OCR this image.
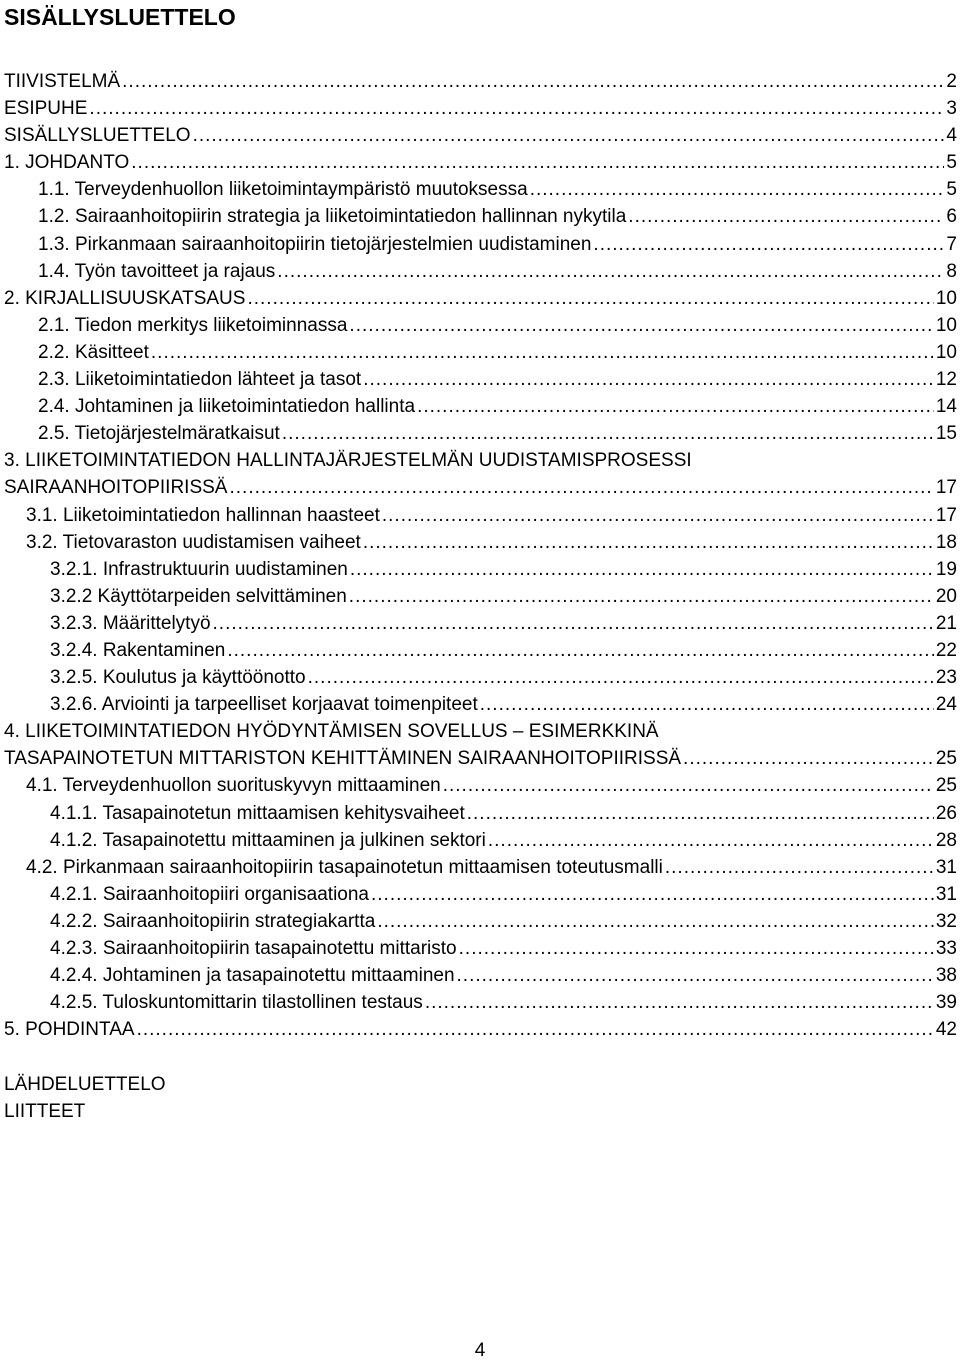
SISÄLLYSLUETTELO
TIIVISTELMÄ .....	2
ESIPUHE .....	3
SISÄLLYSLUETTELO .....	4
1. JOHDANTO .....	5
1.1. Terveydenhuollon liiketoimintaympäristö muutoksessa .....	5
1.2. Sairaanhoitopiirin strategia ja liiketoimintatiedon hallinnan nykytila .....	6
1.3. Pirkanmaan sairaanhoitopiirin tietojärjestelmien uudistaminen .....	7
1.4. Työn tavoitteet ja rajaus .....	8
2. KIRJALLISUUSKATSAUS .....	10
2.1. Tiedon merkitys liiketoiminnassa .....	10
2.2. Käsitteet .....	10
2.3. Liiketoimintatiedon lähteet ja tasot .....	12
2.4. Johtaminen ja liiketoimintatiedon hallinta .....	14
2.5. Tietojärjestelmäratkaisut .....	15
3. LIIKETOIMINTATIEDON HALLINTAJÄRJESTELMÄN UUDISTAMISPROSESSI
SAIRAANHOITOPIIRISSÄ .....	17
3.1. Liiketoimintatiedon hallinnan haasteet .....	17
3.2. Tietovaraston uudistamisen vaiheet .....	18
3.2.1. Infrastruktuurin uudistaminen .....	19
3.2.2 Käyttötarpeiden selvittäminen .....	20
3.2.3. Määrittelytyö .....	21
3.2.4. Rakentaminen .....	22
3.2.5. Koulutus ja käyttöönotto .....	23
3.2.6. Arviointi ja tarpeelliset korjaavat toimenpiteet .....	24
4. LIIKETOIMINTATIEDON HYÖDYNTÄMISEN SOVELLUS – ESIMERKKINÄ
TASAPAINOTETUN MITTARISTON KEHITTÄMINEN SAIRAANHOITOPIIRISSÄ .....	25
4.1. Terveydenhuollon suorituskyvyn mittaaminen .....	25
4.1.1. Tasapainotetun mittaamisen kehitysvaiheet .....	26
4.1.2. Tasapainotettu mittaaminen ja julkinen sektori .....	28
4.2. Pirkanmaan sairaanhoitopiirin tasapainotetun mittaamisen toteutusmalli .....	31
4.2.1. Sairaanhoitopiiri organisaationa .....	31
4.2.2. Sairaanhoitopiirin strategiakartta .....	32
4.2.3. Sairaanhoitopiirin tasapainotettu mittaristo .....	33
4.2.4. Johtaminen ja tasapainotettu mittaaminen .....	38
4.2.5. Tuloskuntomittarin tilastollinen testaus .....	39
5. POHDINTAA .....	42
LÄHDELUETTELO
LIITTEET
4
